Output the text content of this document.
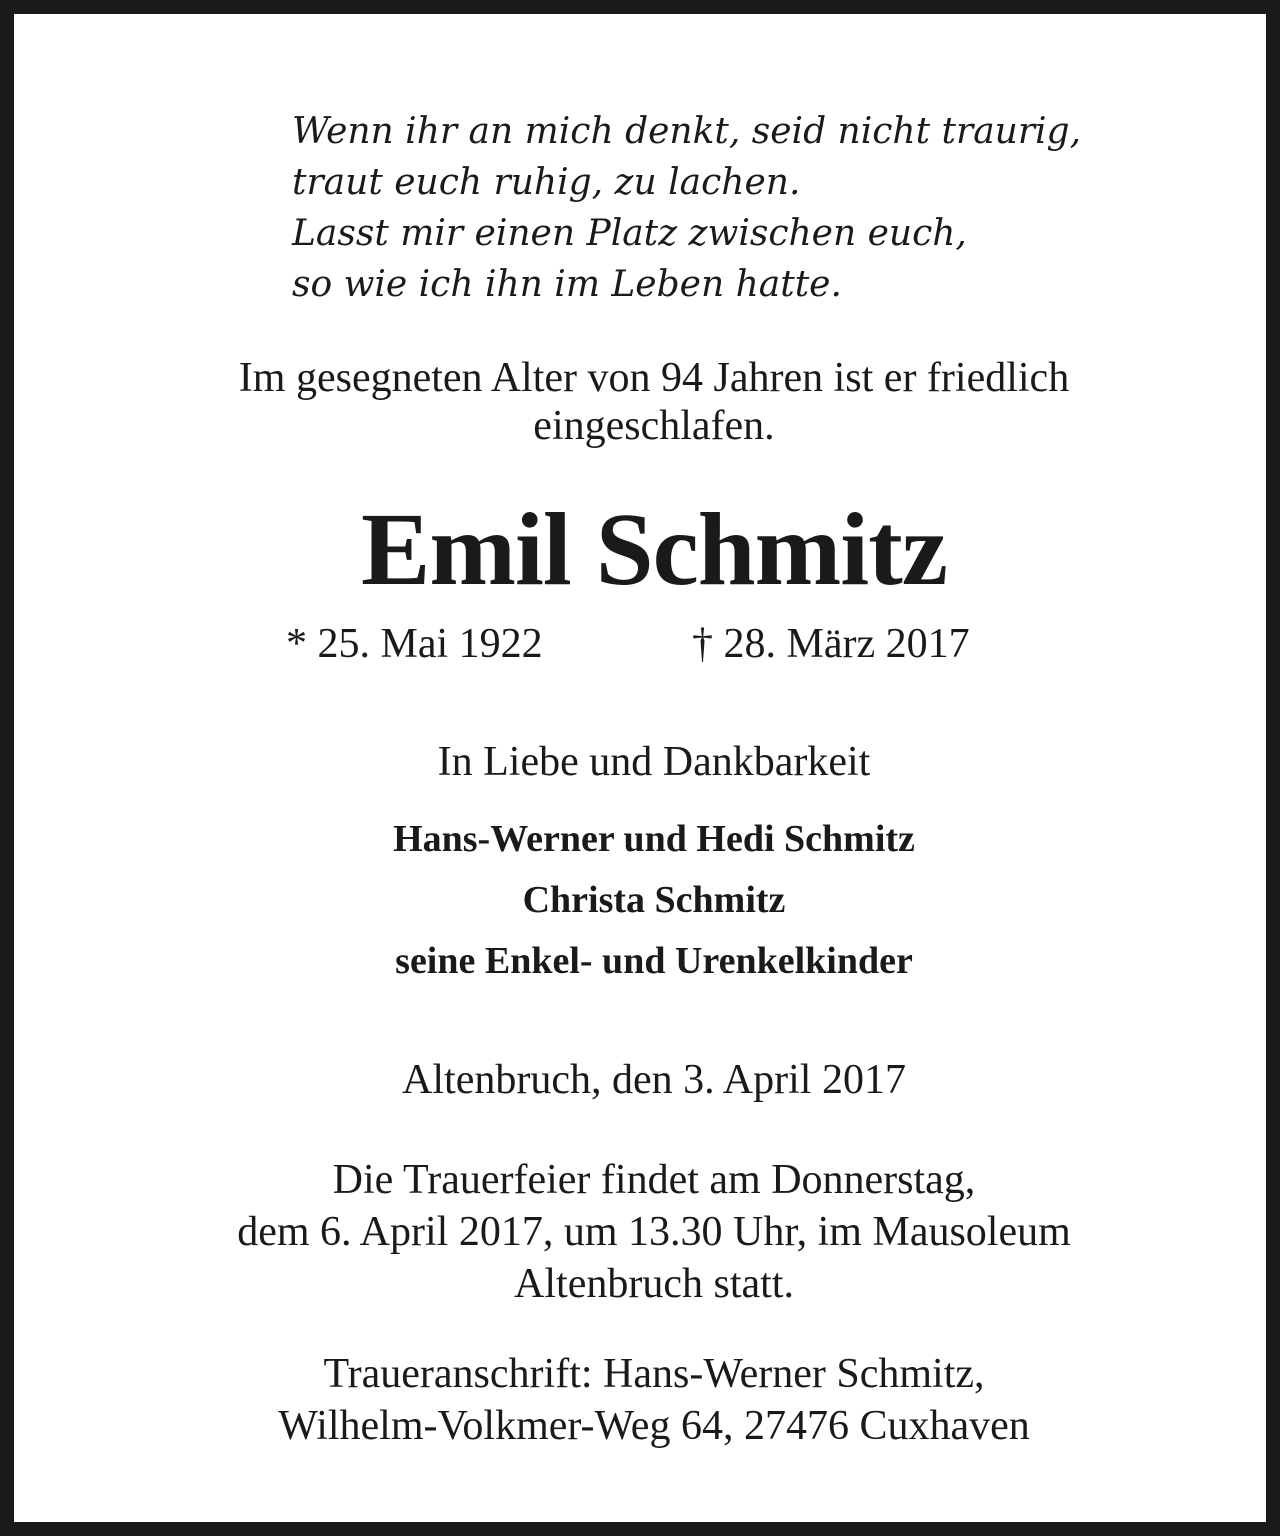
Wenn ihr an mich denkt, seid nicht traurig,
traut euch ruhig, zu lachen.
Lasst mir einen Platz zwischen euch,
so wie ich ihn im Leben hatte.
Im gesegneten Alter von 94 Jahren ist er friedlich
eingeschlafen.
Emil Schmitz
* 25. Mai 1922	† 28. März 2017
In Liebe und Dankbarkeit
Hans-Werner und Hedi Schmitz
Christa Schmitz
seine Enkel- und Urenkelkinder
Altenbruch, den 3. April 2017
Die Trauerfeier findet am Donnerstag,
dem 6. April 2017, um 13.30 Uhr, im Mausoleum
Altenbruch statt.
Traueranschrift: Hans-Werner Schmitz,
Wilhelm-Volkmer-Weg 64, 27476 Cuxhaven
